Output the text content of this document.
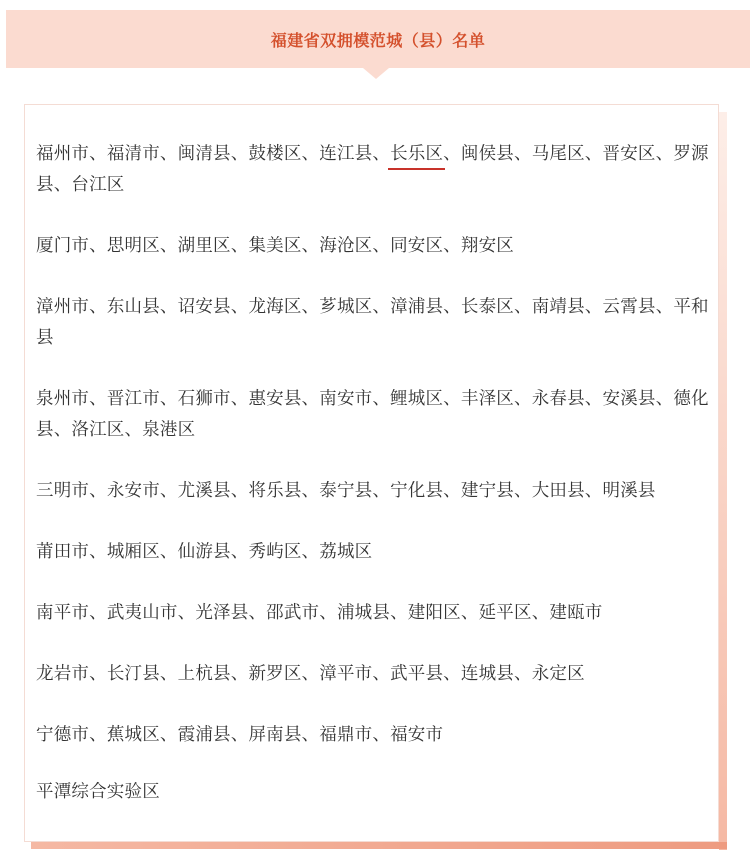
福建省双拥模范城（县）名单

福州市、福清市、闽清县、鼓楼区、连江县、长乐区、闽侯县、马尾区、晋安区、罗源县、台江区

厦门市、思明区、湖里区、集美区、海沧区、同安区、翔安区

漳州市、东山县、诏安县、龙海区、芗城区、漳浦县、长泰区、南靖县、云霄县、平和县

泉州市、晋江市、石狮市、惠安县、南安市、鲤城区、丰泽区、永春县、安溪县、德化县、洛江区、泉港区

三明市、永安市、尤溪县、将乐县、泰宁县、宁化县、建宁县、大田县、明溪县

莆田市、城厢区、仙游县、秀屿区、荔城区

南平市、武夷山市、光泽县、邵武市、浦城县、建阳区、延平区、建瓯市

龙岩市、长汀县、上杭县、新罗区、漳平市、武平县、连城县、永定区

宁德市、蕉城区、霞浦县、屏南县、福鼎市、福安市

平潭综合实验区
